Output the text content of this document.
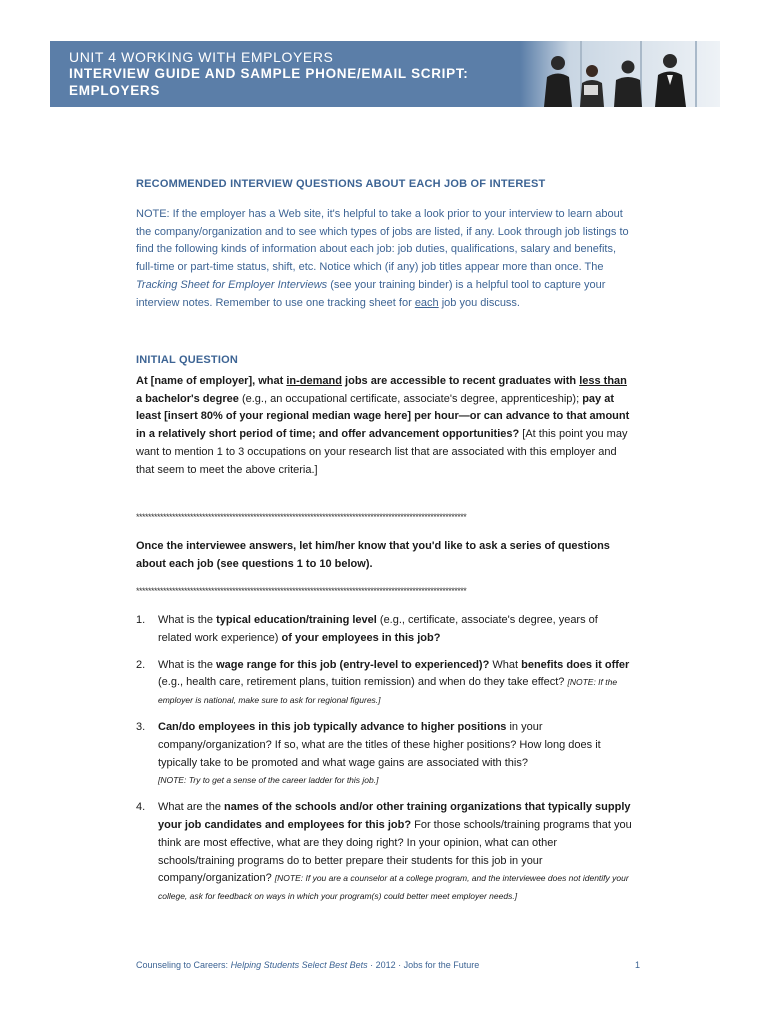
UNIT 4 WORKING WITH EMPLOYERS
INTERVIEW GUIDE AND SAMPLE PHONE/EMAIL SCRIPT:
EMPLOYERS
RECOMMENDED INTERVIEW QUESTIONS ABOUT EACH JOB OF INTEREST
NOTE: If the employer has a Web site, it's helpful to take a look prior to your interview to learn about the company/organization and to see which types of jobs are listed, if any. Look through job listings to find the following kinds of information about each job: job duties, qualifications, salary and benefits, full-time or part-time status, shift, etc. Notice which (if any) job titles appear more than once. The Tracking Sheet for Employer Interviews (see your training binder) is a helpful tool to capture your interview notes. Remember to use one tracking sheet for each job you discuss.
INITIAL QUESTION
At [name of employer], what in-demand jobs are accessible to recent graduates with less than a bachelor's degree (e.g., an occupational certificate, associate's degree, apprenticeship); pay at least [insert 80% of your regional median wage here] per hour—or can advance to that amount in a relatively short period of time; and offer advancement opportunities? [At this point you may want to mention 1 to 3 occupations on your research list that are associated with this employer and that seem to meet the above criteria.]
**************************************************************************************************************
Once the interviewee answers, let him/her know that you'd like to ask a series of questions about each job (see questions 1 to 10 below).
**************************************************************************************************************
1. What is the typical education/training level (e.g., certificate, associate's degree, years of related work experience) of your employees in this job?
2. What is the wage range for this job (entry-level to experienced)? What benefits does it offer (e.g., health care, retirement plans, tuition remission) and when do they take effect? [NOTE: If the employer is national, make sure to ask for regional figures.]
3. Can/do employees in this job typically advance to higher positions in your company/organization? If so, what are the titles of these higher positions? How long does it typically take to be promoted and what wage gains are associated with this?
[NOTE: Try to get a sense of the career ladder for this job.]
4. What are the names of the schools and/or other training organizations that typically supply your job candidates and employees for this job? For those schools/training programs that you think are most effective, what are they doing right? In your opinion, what can other schools/training programs do to better prepare their students for this job in your company/organization? [NOTE: If you are a counselor at a college program, and the interviewee does not identify your college, ask for feedback on ways in which your program(s) could better meet employer needs.]
Counseling to Careers: Helping Students Select Best Bets · 2012 · Jobs for the Future	1
